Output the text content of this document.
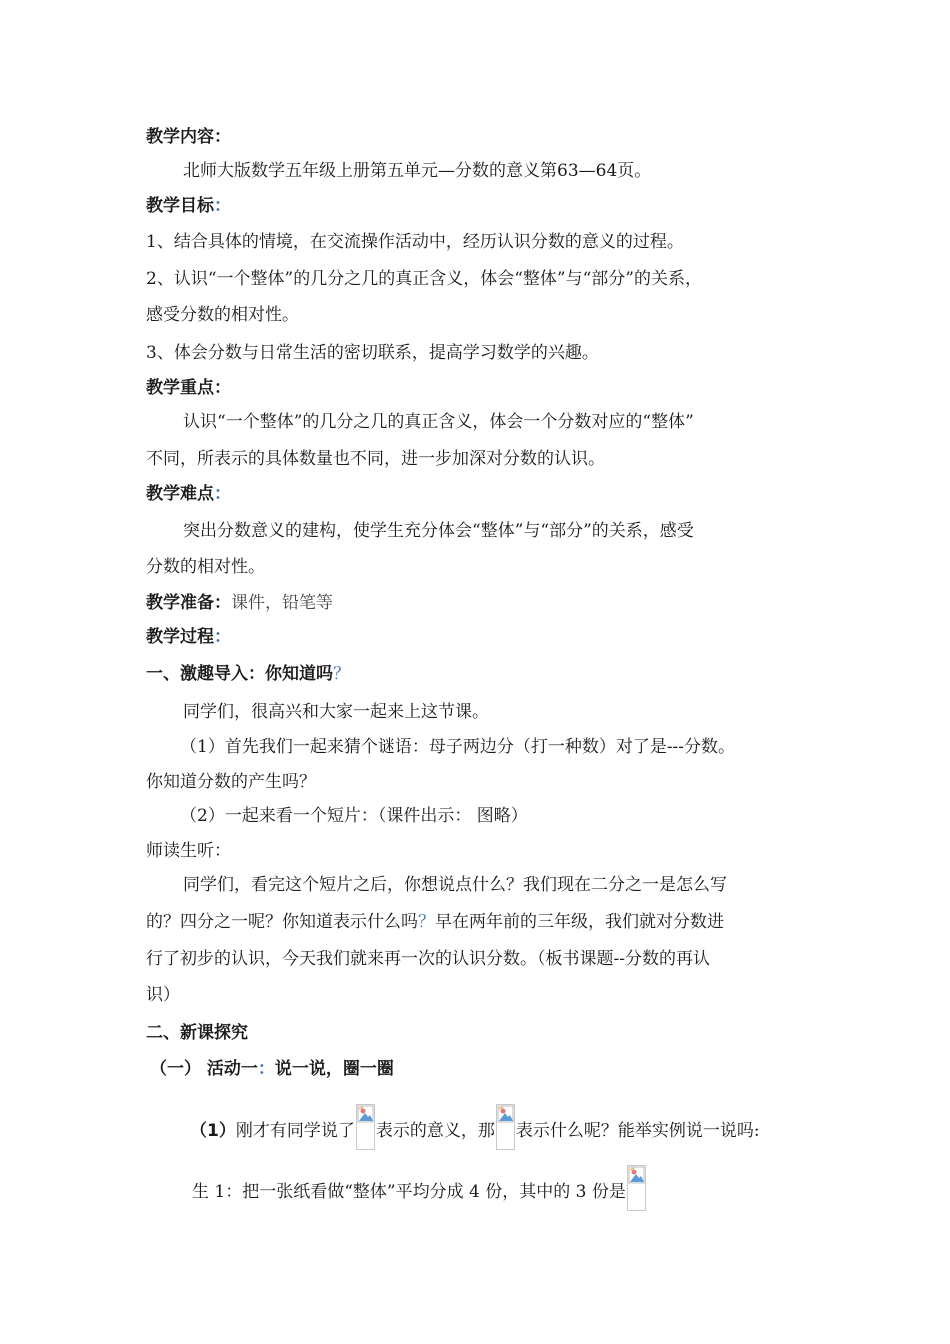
教学内容：
北师大版数学五年级上册第五单元—分数的意义第63—64页。
教学目标：
1、结合具体的情境，在交流操作活动中，经历认识分数的意义的过程。
2、认识“一个整体”的几分之几的真正含义，体会“整体”与“部分”的关系，
感受分数的相对性。
3、体会分数与日常生活的密切联系，提高学习数学的兴趣。
教学重点：
认识“一个整体”的几分之几的真正含义，体会一个分数对应的“整体”
不同，所表示的具体数量也不同，进一步加深对分数的认识。
教学难点：
突出分数意义的建构，使学生充分体会“整体”与“部分”的关系，感受
分数的相对性。
教学准备：课件，铅笔等
教学过程：
一、激趣导入：你知道吗？
同学们，很高兴和大家一起来上这节课。
（1）首先我们一起来猜个谜语：母子两边分（打一种数）对了是---分数。
你知道分数的产生吗？
（2）一起来看一个短片：（课件出示： 图略）
师读生听：
同学们，看完这个短片之后，你想说点什么？我们现在二分之一是怎么写
的？四分之一呢？你知道表示什么吗？早在两年前的三年级，我们就对分数进
行了初步的认识，今天我们就来再一次的认识分数。（板书课题--分数的再认
识）
二、新课探究
（一） 活动一：说一说，圈一圈
（1）刚才有同学说了 表示的意义，那 表示什么呢？能举实例说一说吗:
生 1：把一张纸看做“整体”平均分成 4 份，其中的 3 份是
